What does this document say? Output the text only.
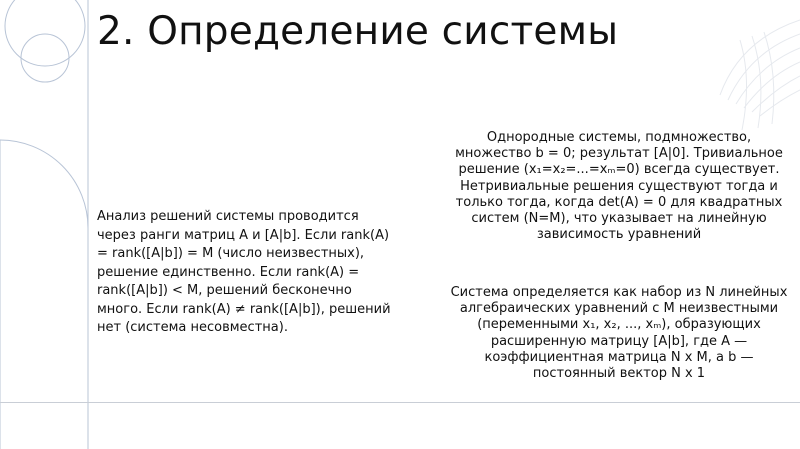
2. Определение системы

Анализ решений системы проводится через ранги матриц A и [A|b]. Если rank(A) = rank([A|b]) = M (число неизвестных), решение единственно. Если rank(A) = rank([A|b]) < M, решений бесконечно много. Если rank(A) ≠ rank([A|b]), решений нет (система несовместна).

Однородные системы, подмножество, множество b = 0; результат [A|0]. Тривиальное решение (x₁=x₂=...=xₘ=0) всегда существует. Нетривиальные решения существуют тогда и только тогда, когда det(A) = 0 для квадратных систем (N=M), что указывает на линейную зависимость уравнений

Система определяется как набор из N линейных алгебраических уравнений с M неизвестными (переменными x₁, x₂, ..., xₘ), образующих расширенную матрицу [A|b], где A — коэффициентная матрица N x M, а b — постоянный вектор N x 1
